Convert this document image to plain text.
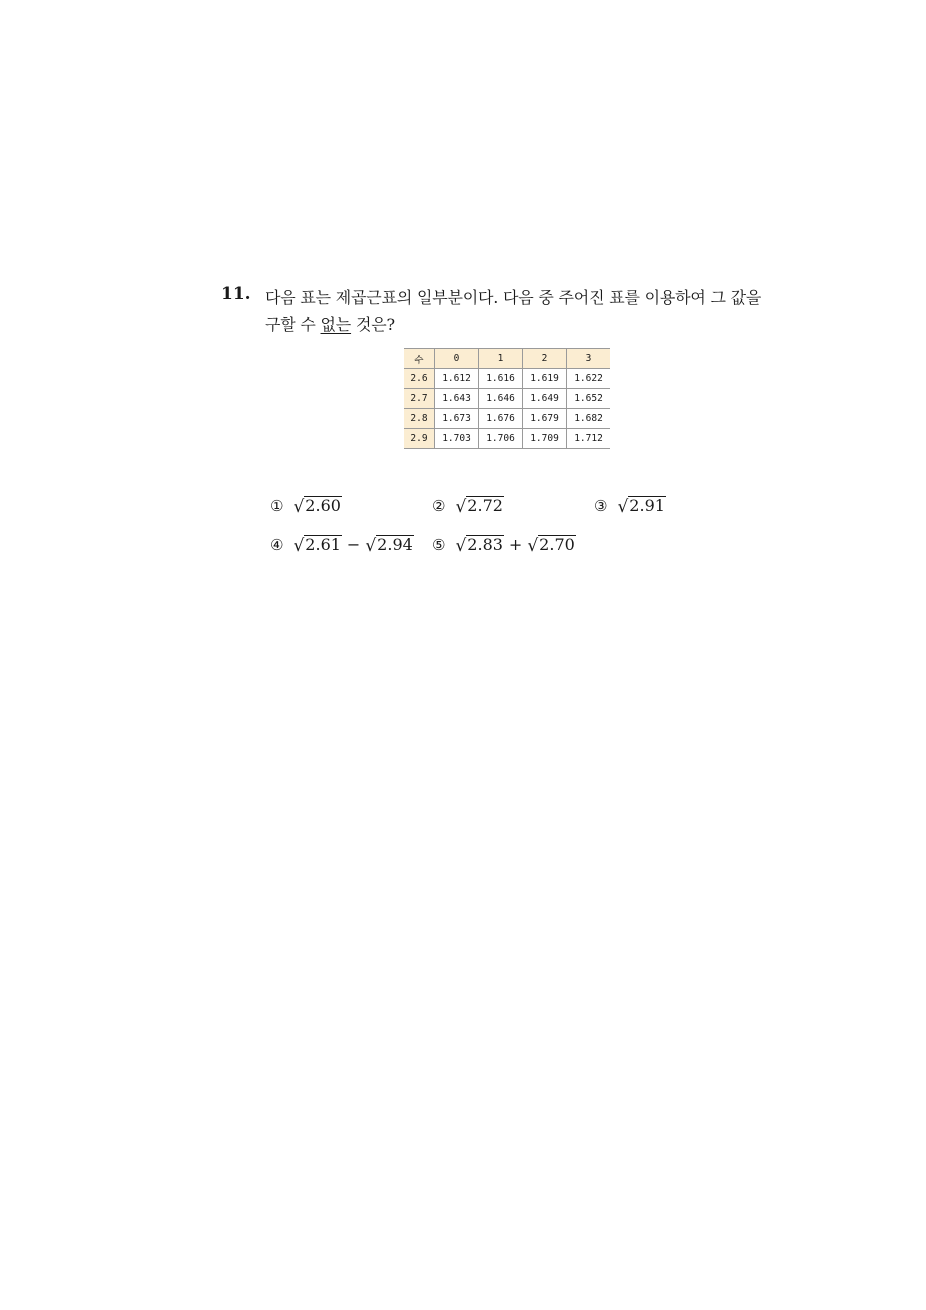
11. 다음 표는 제곱근표의 일부분이다. 다음 중 주어진 표를 이용하여 그 값을
구할 수 없는 것은?
수	0	1	2	3
2.6	1.612	1.616	1.619	1.622
2.7	1.643	1.646	1.649	1.652
2.8	1.673	1.676	1.679	1.682
2.9	1.703	1.706	1.709	1.712
① √ 2.60	② √ 2.72	③ √ 2.91
④ √ 2.61 − √ 2.94 ⑤ √ 2.83 + √ 2.70
